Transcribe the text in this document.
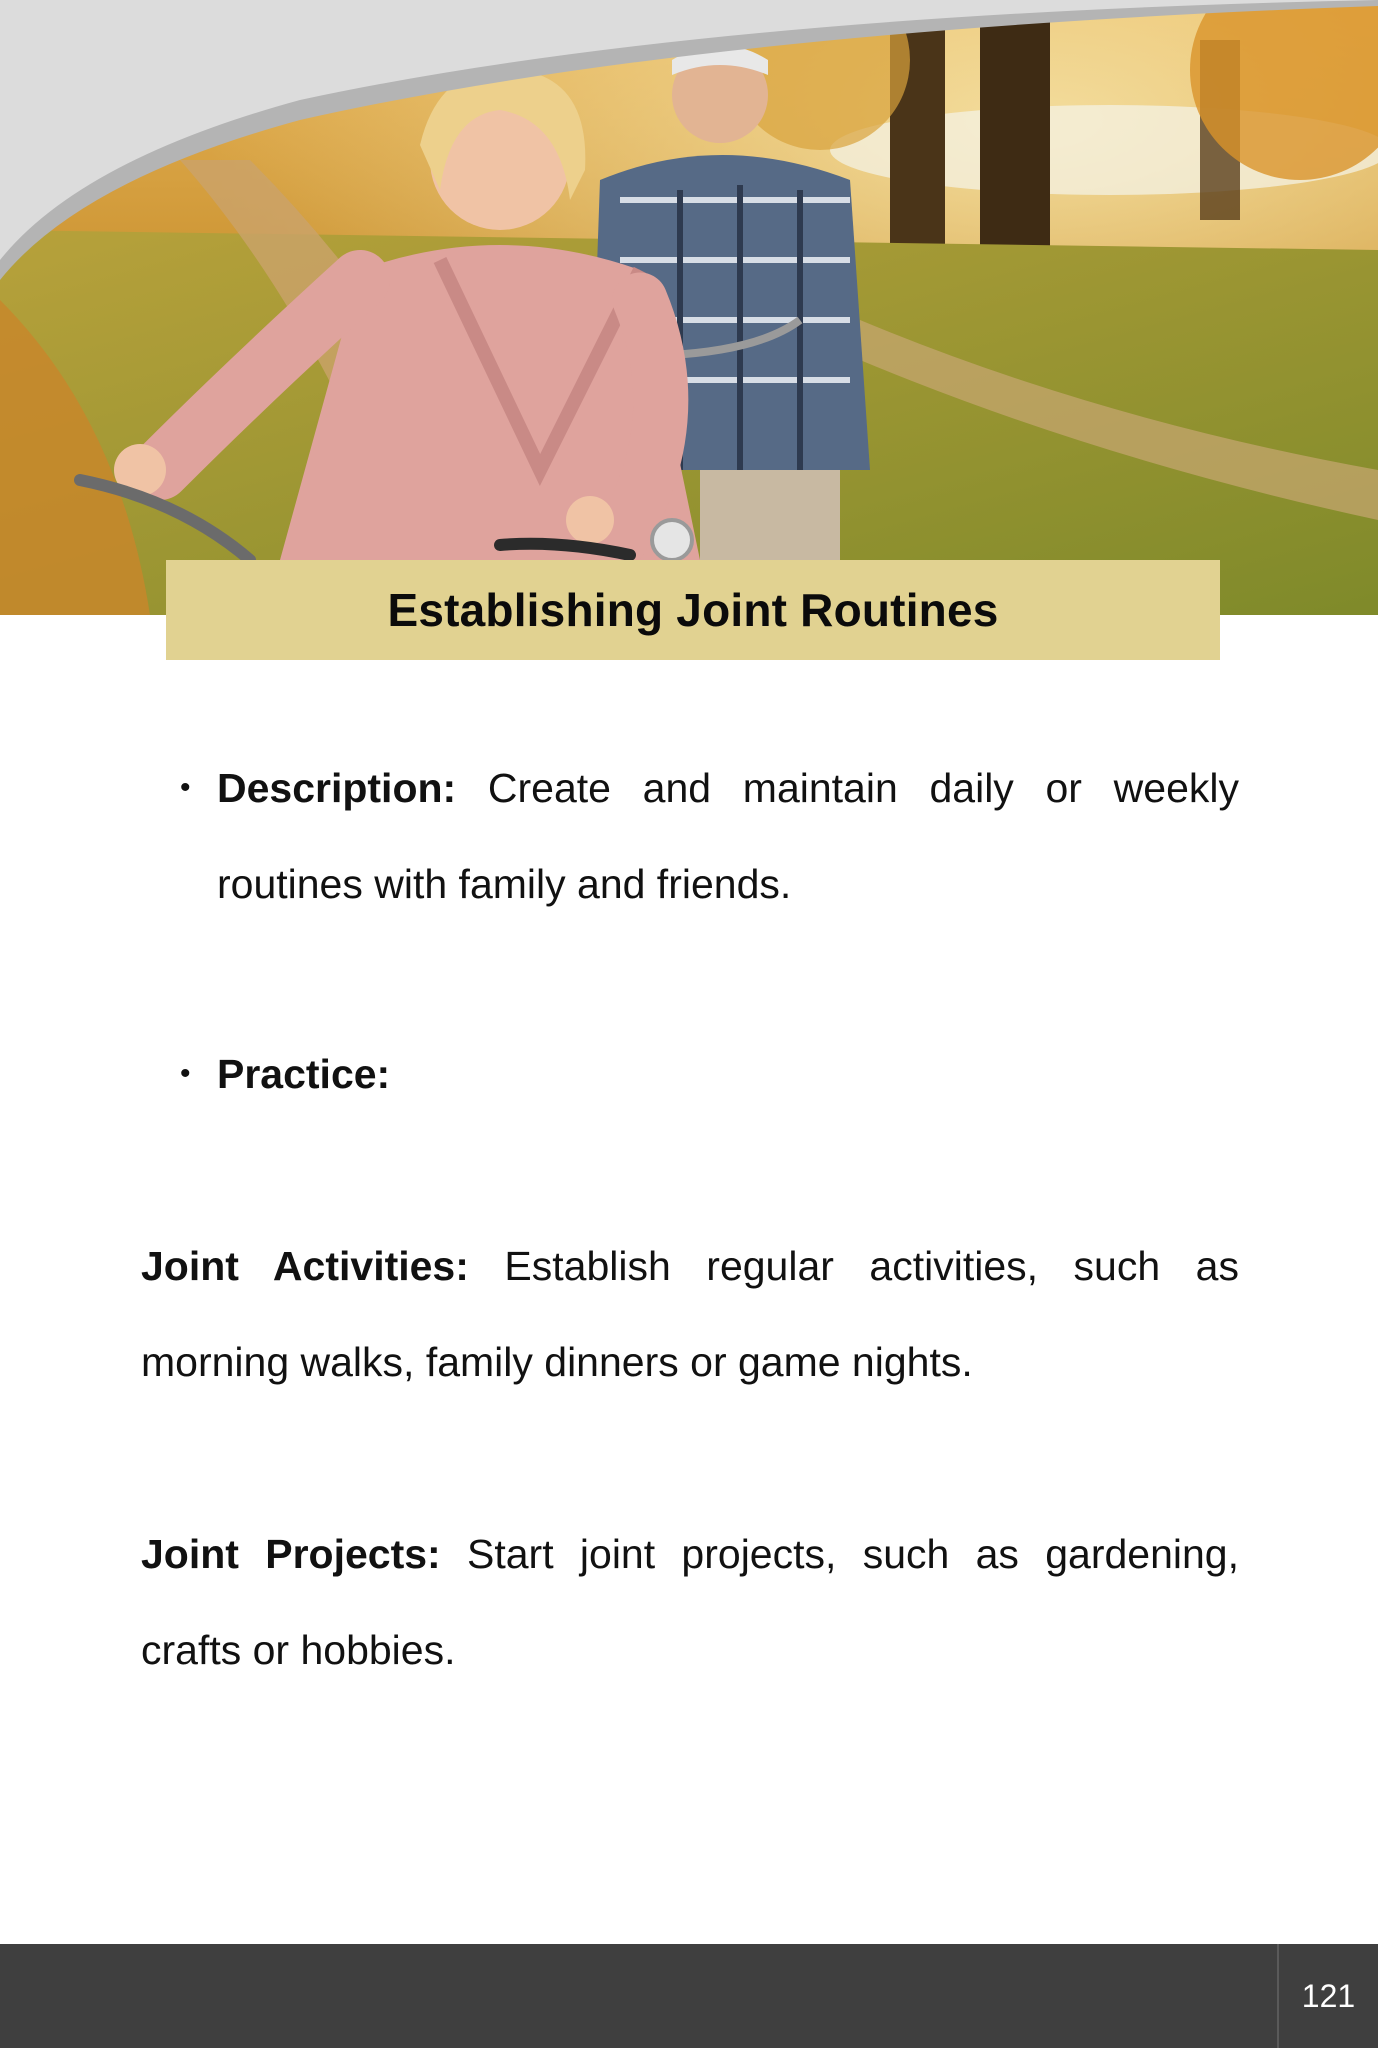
Establishing Joint Routines
• Description: Create and maintain daily or weekly routines with family and friends.
• Practice:

Joint Activities: Establish regular activities, such as morning walks, family dinners or game nights.

Joint Projects: Start joint projects, such as gardening, crafts or hobbies.

121
